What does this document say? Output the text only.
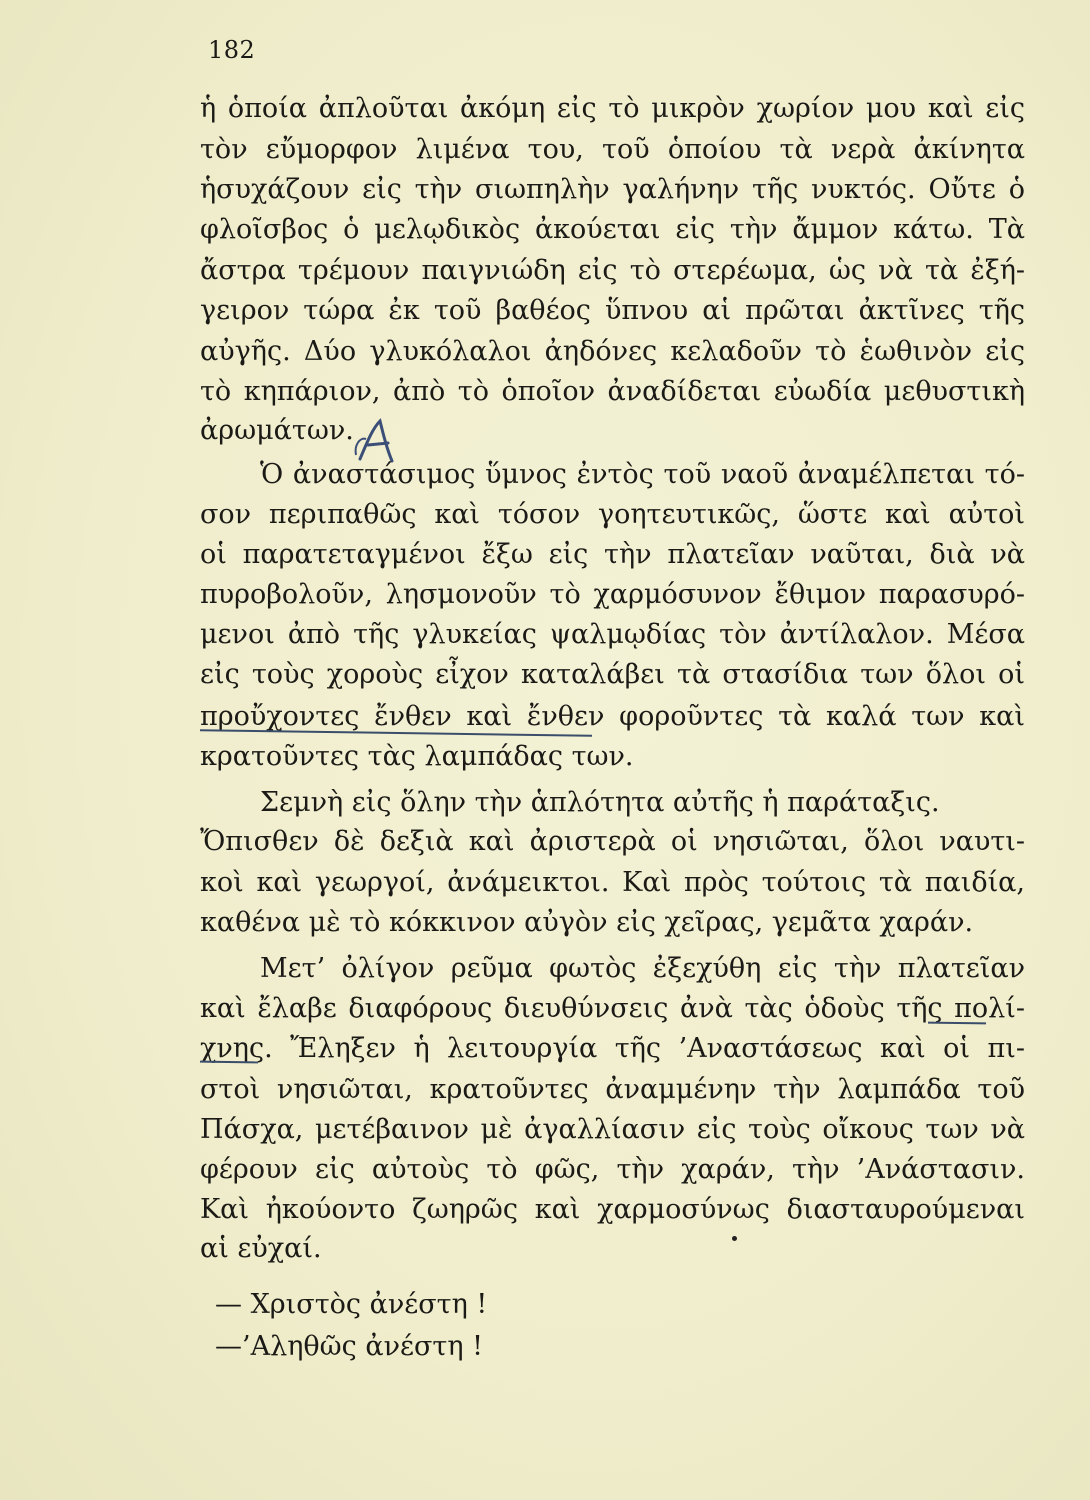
182
ἡ ὁποία ἀπλοῦται ἀκόμη εἰς τὸ μικρὸν χωρίον μου καὶ εἰς
τὸν εὔμορφον λιμένα του, τοῦ ὁποίου τὰ νερὰ ἀκίνητα
ἡσυχάζουν εἰς τὴν σιωπηλὴν γαλήνην τῆς νυκτός. Οὔτε ὁ
φλοῖσβος ὁ μελῳδικὸς ἀκούεται εἰς τὴν ἄμμον κάτω. Τὰ
ἄστρα τρέμουν παιγνιώδη εἰς τὸ στερέωμα, ὡς νὰ τὰ ἐξή-
γειρον τώρα ἐκ τοῦ βαθέος ὕπνου αἱ πρῶται ἀκτῖνες τῆς
αὐγῆς. Δύο γλυκόλαλοι ἀηδόνες κελαδοῦν τὸ ἑωθινὸν εἰς
τὸ κηπάριον, ἀπὸ τὸ ὁποῖον ἀναδίδεται εὐωδία μεθυστικὴ
ἀρωμάτων.
Ὁ ἀναστάσιμος ὕμνος ἐντὸς τοῦ ναοῦ ἀναμέλπεται τό-
σον περιπαθῶς καὶ τόσον γοητευτικῶς, ὥστε καὶ αὐτοὶ
οἱ παρατεταγμένοι ἔξω εἰς τὴν πλατεῖαν ναῦται, διὰ νὰ
πυροβολοῦν, λησμονοῦν τὸ χαρμόσυνον ἔθιμον παρασυρό-
μενοι ἀπὸ τῆς γλυκείας ψαλμῳδίας τὸν ἀντίλαλον. Μέσα
εἰς τοὺς χοροὺς εἶχον καταλάβει τὰ στασίδια των ὅλοι οἱ
προὔχοντες ἔνθεν καὶ ἔνθεν φοροῦντες τὰ καλά των καὶ
κρατοῦντες τὰς λαμπάδας των.
Σεμνὴ εἰς ὅλην τὴν ἁπλότητα αὐτῆς ἡ παράταξις.
Ὄπισθεν δὲ δεξιὰ καὶ ἀριστερὰ οἱ νησιῶται, ὅλοι ναυτι-
κοὶ καὶ γεωργοί, ἀνάμεικτοι. Καὶ πρὸς τούτοις τὰ παιδία,
καθένα μὲ τὸ κόκκινον αὐγὸν εἰς χεῖρας, γεμᾶτα χαράν.
Μετ’ ὀλίγον ρεῦμα φωτὸς ἐξεχύθη εἰς τὴν πλατεῖαν
καὶ ἔλαβε διαφόρους διευθύνσεις ἀνὰ τὰς ὁδοὺς τῆς πολί-
χνης. Ἔληξεν ἡ λειτουργία τῆς ’Αναστάσεως καὶ οἱ πι-
στοὶ νησιῶται, κρατοῦντες ἀναμμένην τὴν λαμπάδα τοῦ
Πάσχα, μετέβαινον μὲ ἀγαλλίασιν εἰς τοὺς οἴκους των νὰ
φέρουν εἰς αὐτοὺς τὸ φῶς, τὴν χαράν, τὴν ’Ανάστασιν.
Καὶ ἠκούοντο ζωηρῶς καὶ χαρμοσύνως διασταυρούμεναι
αἱ εὐχαί.
— Χριστὸς ἀνέστη !
—’Αληθῶς ἀνέστη !
